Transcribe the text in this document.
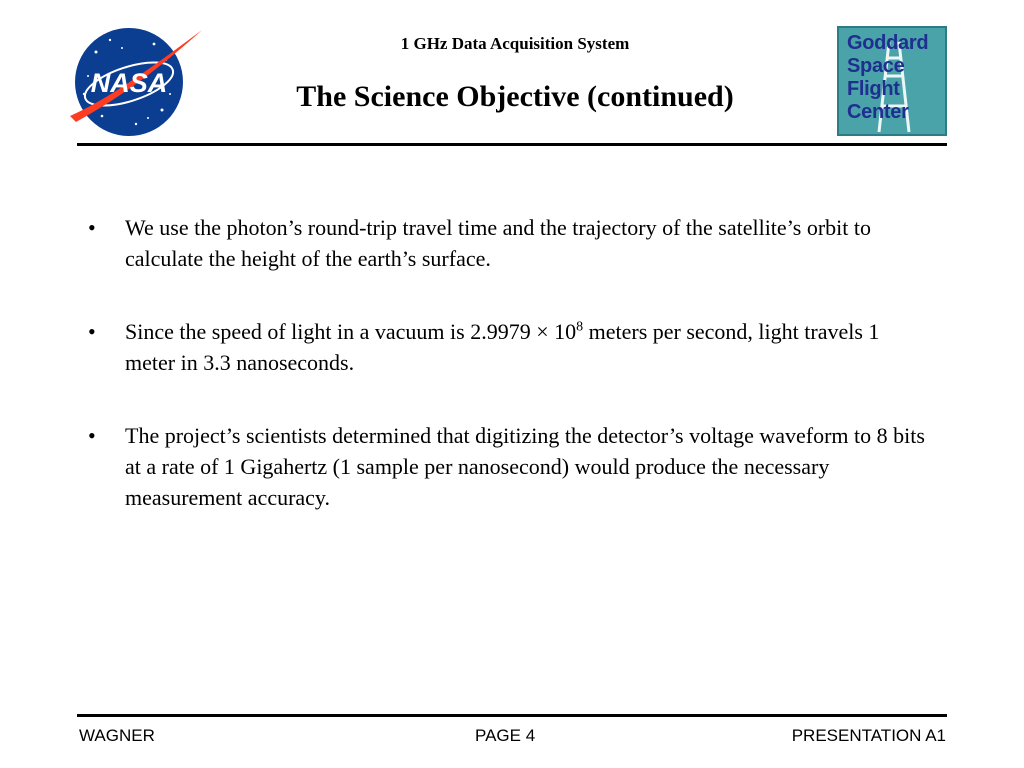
NASA
1 GHz Data Acquisition System
The Science Objective (continued)
Goddard
Space
Flight
Center
• We use the photon’s round-trip travel time and the trajectory of the satellite’s orbit to calculate the height of the earth’s surface.
• Since the speed of light in a vacuum is $2.9979 \times 10^8$ meters per second, light travels 1 meter in 3.3 nanoseconds.
• The project’s scientists determined that digitizing the detector’s voltage waveform to 8 bits at a rate of 1 Gigahertz (1 sample per nanosecond) would produce the necessary measurement accuracy.
WAGNER	PAGE 4	PRESENTATION A1
